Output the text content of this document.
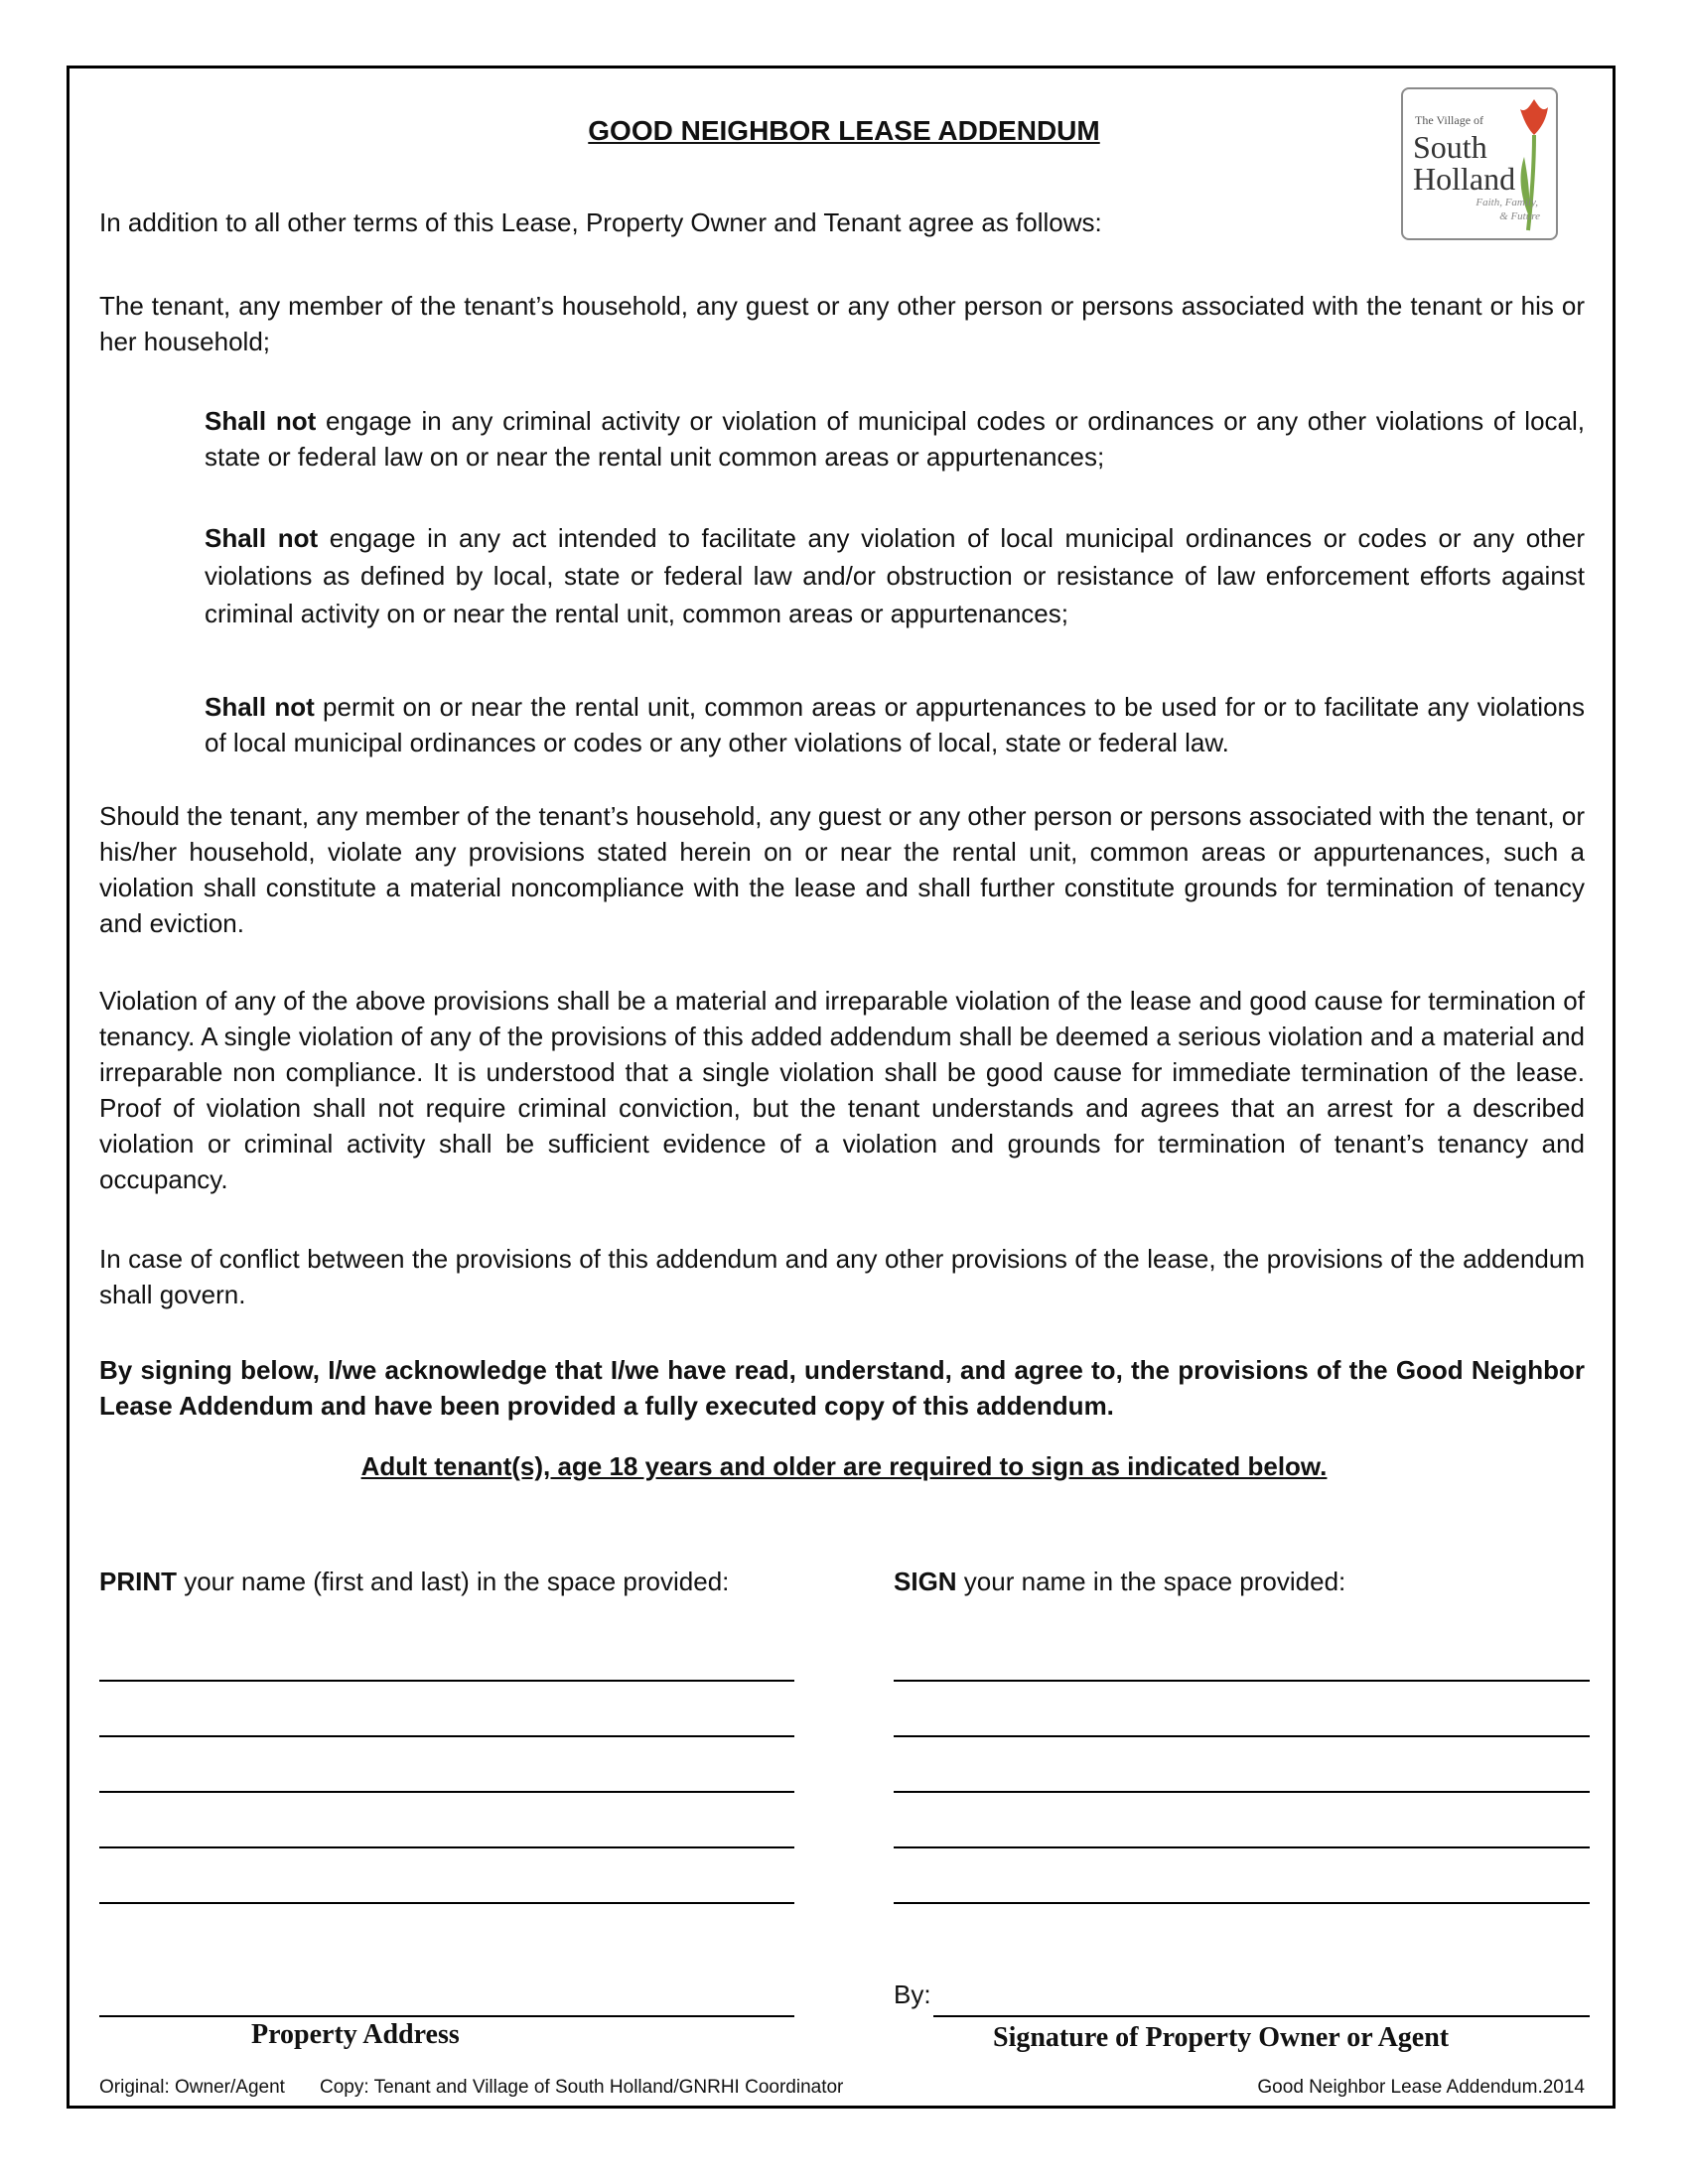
GOOD NEIGHBOR LEASE ADDENDUM	The Village of
South
Holland
Faith, Family,
& Future

In addition to all other terms of this Lease, Property Owner and Tenant agree as follows:

The tenant, any member of the tenant’s household, any guest or any other person or persons associated with the tenant or his or her household;

Shall not engage in any criminal activity or violation of municipal codes or ordinances or any other violations of local, state or federal law on or near the rental unit common areas or appurtenances;

Shall not engage in any act intended to facilitate any violation of local municipal ordinances or codes or any other violations as defined by local, state or federal law and/or obstruction or resistance of law enforcement efforts against criminal activity on or near the rental unit, common areas or appurtenances;

Shall not permit on or near the rental unit, common areas or appurtenances to be used for or to facilitate any violations of local municipal ordinances or codes or any other violations of local, state or federal law.

Should the tenant, any member of the tenant’s household, any guest or any other person or persons associated with the tenant, or his/her household, violate any provisions stated herein on or near the rental unit, common areas or appurtenances, such a violation shall constitute a material noncompliance with the lease and shall further constitute grounds for termination of tenancy and eviction.

Violation of any of the above provisions shall be a material and irreparable violation of the lease and good cause for termination of tenancy. A single violation of any of the provisions of this added addendum shall be deemed a serious violation and a material and irreparable non compliance. It is understood that a single violation shall be good cause for immediate termination of the lease. Proof of violation shall not require criminal conviction, but the tenant understands and agrees that an arrest for a described violation or criminal activity shall be sufficient evidence of a violation and grounds for termination of tenant’s tenancy and occupancy.

In case of conflict between the provisions of this addendum and any other provisions of the lease, the provisions of the addendum shall govern.

By signing below, I/we acknowledge that I/we have read, understand, and agree to, the provisions of the Good Neighbor Lease Addendum and have been provided a fully executed copy of this addendum.

Adult tenant(s), age 18 years and older are required to sign as indicated below.
PRINT your name (first and last) in the space provided:	SIGN your name in the space provided:
By:
Property Address	Signature of Property Owner or Agent
Original: Owner/Agent Copy: Tenant and Village of South Holland/GNRHI Coordinator	Good Neighbor Lease Addendum.2014
